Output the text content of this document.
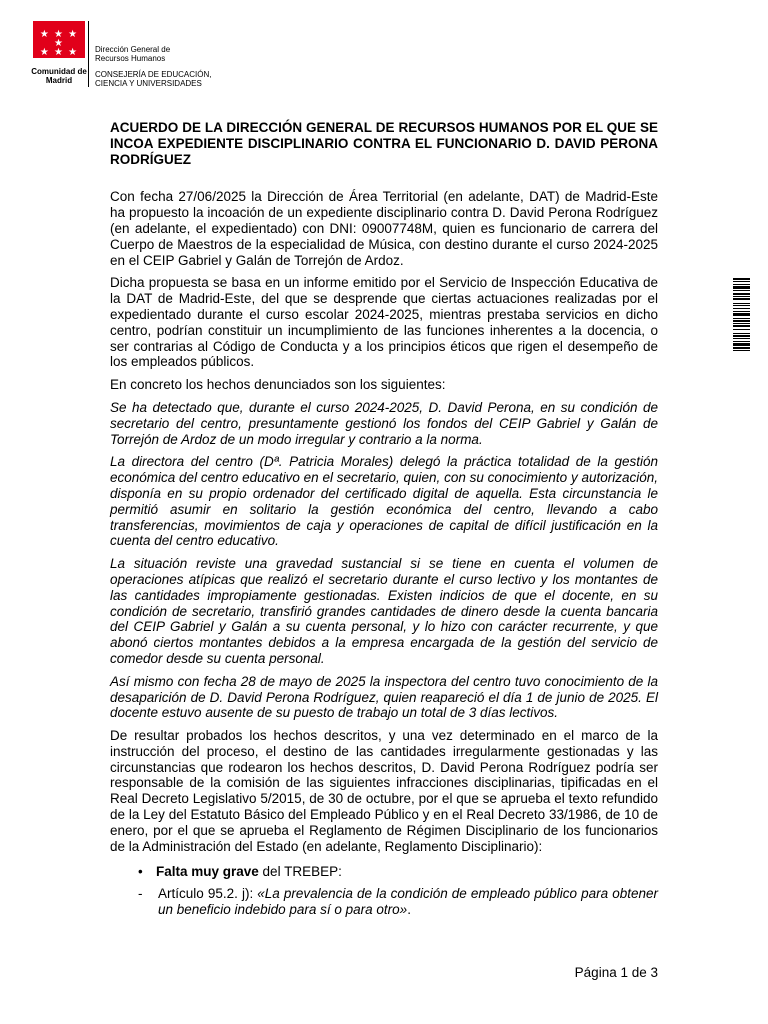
★ ★ ★ ★
★ ★ ★
Comunidad de Madrid
Dirección General de
Recursos Humanos
CONSEJERÍA DE EDUCACIÓN,
CIENCIA Y UNIVERSIDADES
ACUERDO DE LA DIRECCIÓN GENERAL DE RECURSOS HUMANOS POR EL QUE SE INCOA EXPEDIENTE DISCIPLINARIO CONTRA EL FUNCIONARIO D. DAVID PERONA RODRÍGUEZ

Con fecha 27/06/2025 la Dirección de Área Territorial (en adelante, DAT) de Madrid-Este ha propuesto la incoación de un expediente disciplinario contra D. David Perona Rodríguez (en adelante, el expedientado) con DNI: 09007748M, quien es funcionario de carrera del Cuerpo de Maestros de la especialidad de Música, con destino durante el curso 2024-2025 en el CEIP Gabriel y Galán de Torrejón de Ardoz.

Dicha propuesta se basa en un informe emitido por el Servicio de Inspección Educativa de la DAT de Madrid-Este, del que se desprende que ciertas actuaciones realizadas por el expedientado durante el curso escolar 2024-2025, mientras prestaba servicios en dicho centro, podrían constituir un incumplimiento de las funciones inherentes a la docencia, o ser contrarias al Código de Conducta y a los principios éticos que rigen el desempeño de los empleados públicos.

En concreto los hechos denunciados son los siguientes:

Se ha detectado que, durante el curso 2024-2025, D. David Perona, en su condición de secretario del centro, presuntamente gestionó los fondos del CEIP Gabriel y Galán de Torrejón de Ardoz de un modo irregular y contrario a la norma.

La directora del centro (Dª. Patricia Morales) delegó la práctica totalidad de la gestión económica del centro educativo en el secretario, quien, con su conocimiento y autorización, disponía en su propio ordenador del certificado digital de aquella. Esta circunstancia le permitió asumir en solitario la gestión económica del centro, llevando a cabo transferencias, movimientos de caja y operaciones de capital de difícil justificación en la cuenta del centro educativo.

La situación reviste una gravedad sustancial si se tiene en cuenta el volumen de operaciones atípicas que realizó el secretario durante el curso lectivo y los montantes de las cantidades impropiamente gestionadas. Existen indicios de que el docente, en su condición de secretario, transfirió grandes cantidades de dinero desde la cuenta bancaria del CEIP Gabriel y Galán a su cuenta personal, y lo hizo con carácter recurrente, y que abonó ciertos montantes debidos a la empresa encargada de la gestión del servicio de comedor desde su cuenta personal.

Así mismo con fecha 28 de mayo de 2025 la inspectora del centro tuvo conocimiento de la desaparición de D. David Perona Rodríguez, quien reapareció el día 1 de junio de 2025. El docente estuvo ausente de su puesto de trabajo un total de 3 días lectivos.

De resultar probados los hechos descritos, y una vez determinado en el marco de la instrucción del proceso, el destino de las cantidades irregularmente gestionadas y las circunstancias que rodearon los hechos descritos, D. David Perona Rodríguez podría ser responsable de la comisión de las siguientes infracciones disciplinarias, tipificadas en el Real Decreto Legislativo 5/2015, de 30 de octubre, por el que se aprueba el texto refundido de la Ley del Estatuto Básico del Empleado Público y en el Real Decreto 33/1986, de 10 de enero, por el que se aprueba el Reglamento de Régimen Disciplinario de los funcionarios de la Administración del Estado (en adelante, Reglamento Disciplinario):

• Falta muy grave del TREBEP:
- Artículo 95.2. j): «La prevalencia de la condición de empleado público para obtener un beneficio indebido para sí o para otro».
Página 1 de 3
